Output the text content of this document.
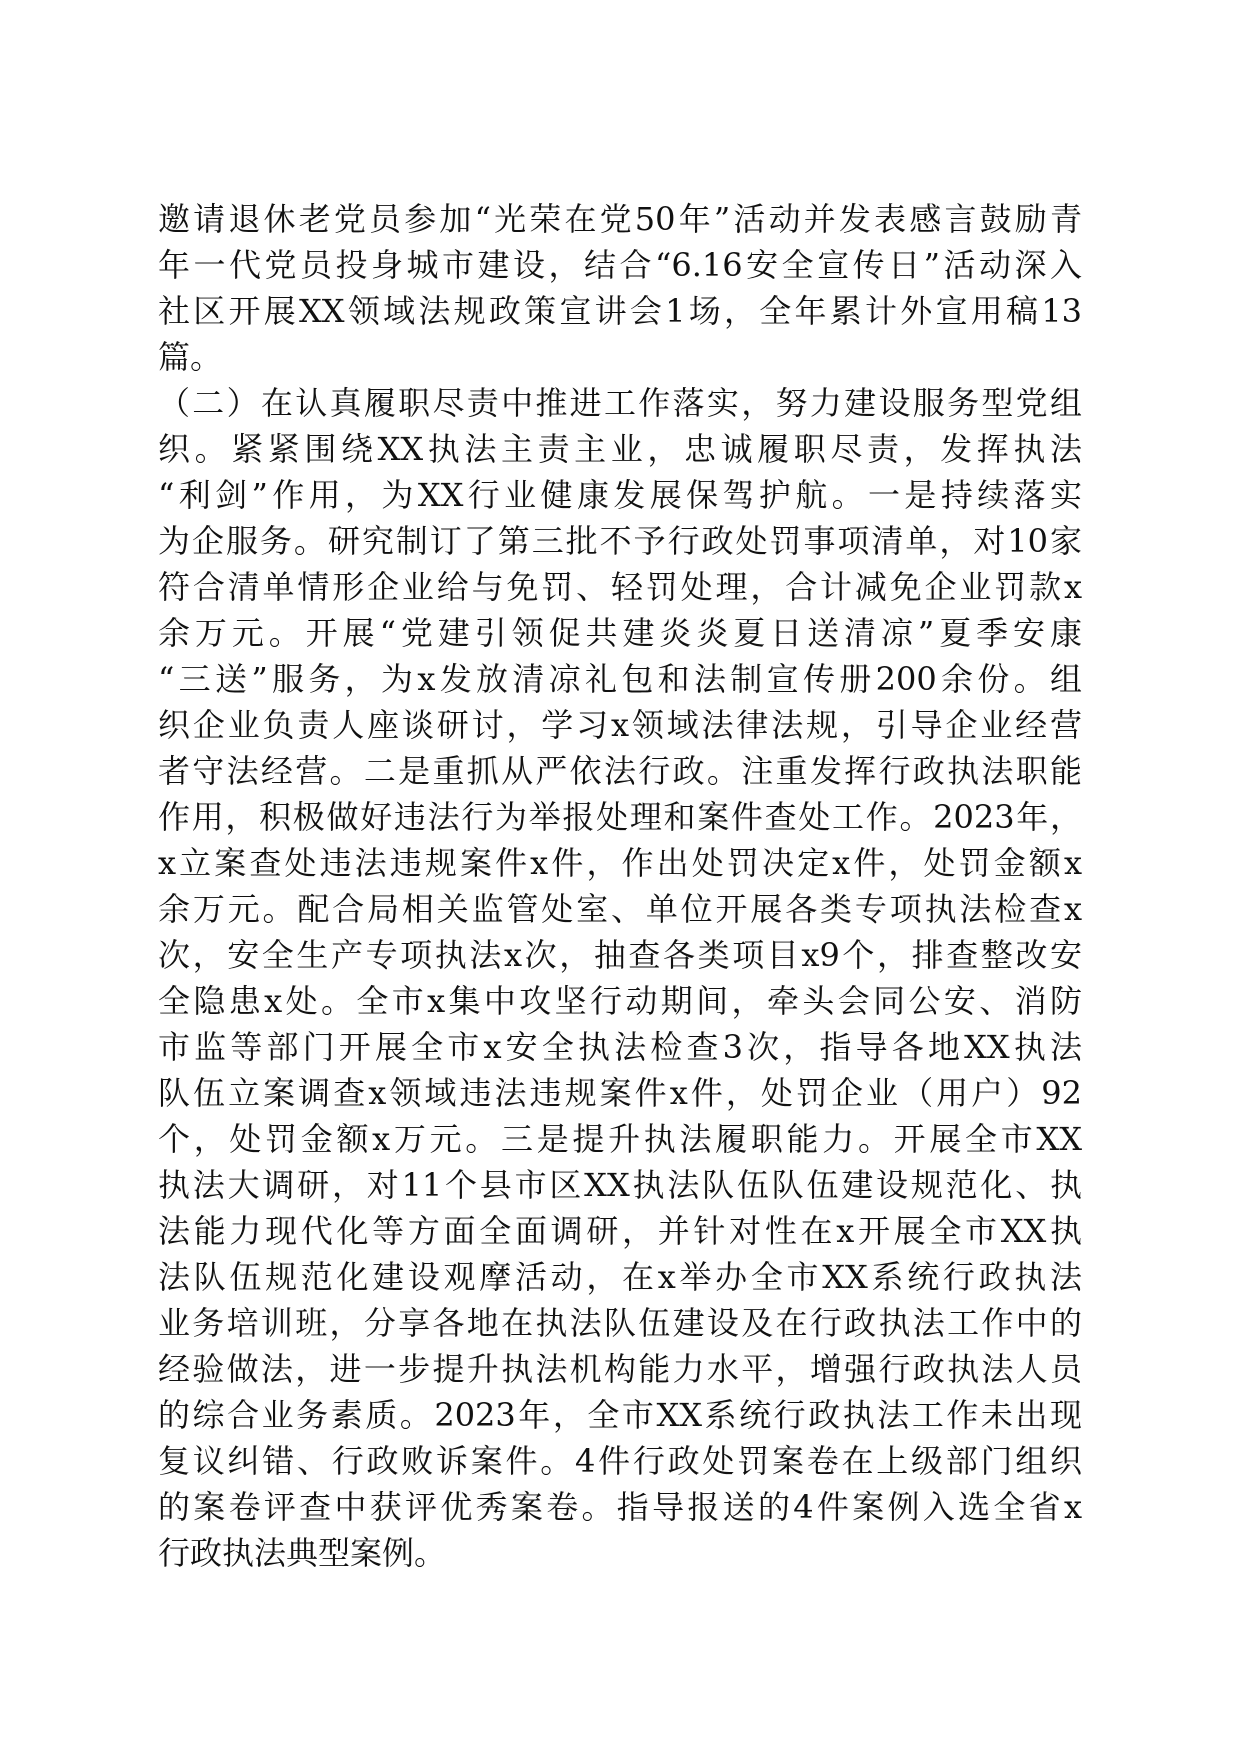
邀请退休老党员参加“光荣在党50年”活动并发表感言鼓励青
年一代党员投身城市建设，结合“6.16安全宣传日”活动深入
社区开展XX领域法规政策宣讲会1场，全年累计外宣用稿13
篇。
（二）在认真履职尽责中推进工作落实，努力建设服务型党组
织。紧紧围绕XX执法主责主业，忠诚履职尽责，发挥执法
“利剑”作用，为XX行业健康发展保驾护航。一是持续落实
为企服务。研究制订了第三批不予行政处罚事项清单，对10家
符合清单情形企业给与免罚、轻罚处理，合计减免企业罚款x
余万元。开展“党建引领促共建炎炎夏日送清凉”夏季安康
“三送”服务，为x发放清凉礼包和法制宣传册200余份。组
织企业负责人座谈研讨，学习x领域法律法规，引导企业经营
者守法经营。二是重抓从严依法行政。注重发挥行政执法职能
作用，积极做好违法行为举报处理和案件查处工作。2023年，
x立案查处违法违规案件x件，作出处罚决定x件，处罚金额x
余万元。配合局相关监管处室、单位开展各类专项执法检查x
次，安全生产专项执法x次，抽查各类项目x9个，排查整改安
全隐患x处。全市x集中攻坚行动期间，牵头会同公安、消防
市监等部门开展全市x安全执法检查3次，指导各地XX执法
队伍立案调查x领域违法违规案件x件，处罚企业（用户）92
个，处罚金额x万元。三是提升执法履职能力。开展全市XX
执法大调研，对11个县市区XX执法队伍队伍建设规范化、执
法能力现代化等方面全面调研，并针对性在x开展全市XX执
法队伍规范化建设观摩活动，在x举办全市XX系统行政执法
业务培训班，分享各地在执法队伍建设及在行政执法工作中的
经验做法，进一步提升执法机构能力水平，增强行政执法人员
的综合业务素质。2023年，全市XX系统行政执法工作未出现
复议纠错、行政败诉案件。4件行政处罚案卷在上级部门组织
的案卷评查中获评优秀案卷。指导报送的4件案例入选全省x
行政执法典型案例。
